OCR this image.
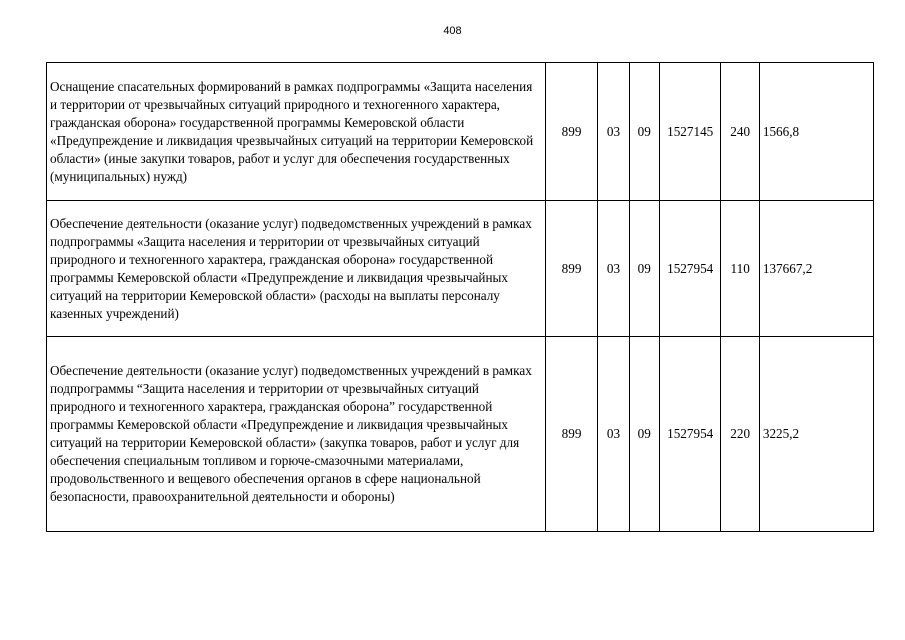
408
Оснащение спасательных формирований в рамках подпрограммы «Защита населения и территории от чрезвычайных ситуаций природного и техногенного характера, гражданская оборона» государственной программы Кемеровской области «Предупреждение и ликвидация чрезвычайных ситуаций на территории Кемеровской области» (иные закупки товаров, работ и услуг для обеспечения государственных (муниципальных) нужд)	899	03	09	1527145	240	1566,8
Обеспечение деятельности (оказание услуг) подведомственных учреждений в рамках подпрограммы «Защита населения и территории от чрезвычайных ситуаций природного и техногенного характера, гражданская оборона» государственной программы Кемеровской области «Предупреждение и ликвидация чрезвычайных ситуаций на территории Кемеровской области» (расходы на выплаты персоналу казенных учреждений)	899	03	09	1527954	110	137667,2
Обеспечение деятельности (оказание услуг) подведомственных учреждений в рамках подпрограммы “Защита населения и территории от чрезвычайных ситуаций природного и техногенного характера, гражданская оборона” государственной программы Кемеровской области «Предупреждение и ликвидация чрезвычайных ситуаций на территории Кемеровской области» (закупка товаров, работ и услуг для обеспечения специальным топливом и горюче-смазочными материалами, продовольственного и вещевого обеспечения органов в сфере национальной безопасности, правоохранительной деятельности и обороны)	899	03	09	1527954	220	3225,2
